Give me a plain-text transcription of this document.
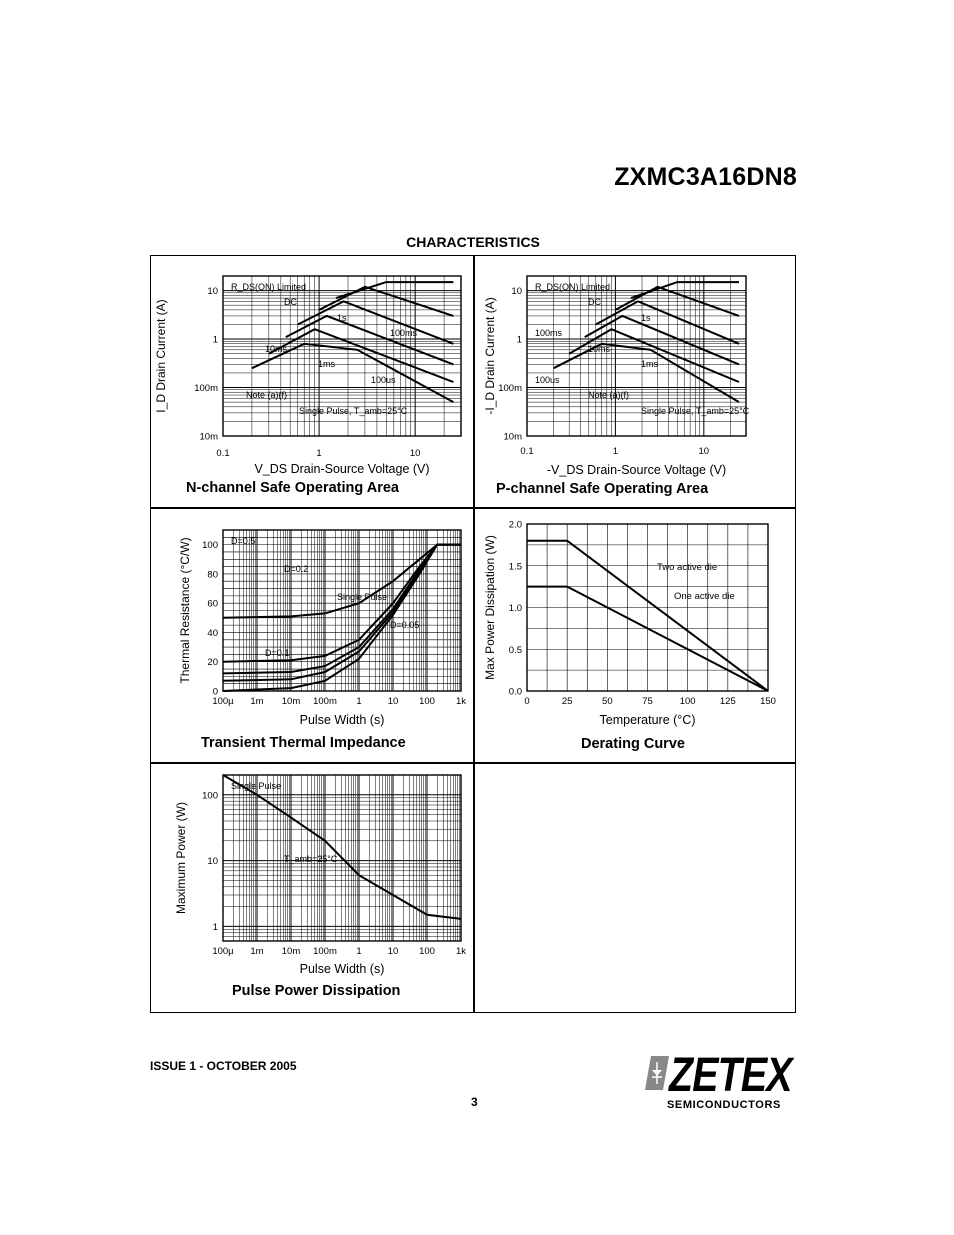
ZXMC3A16DN8
CHARACTERISTICS
0.1	1	10
10
1
100m
10m
V_DS Drain-Source Voltage (V)
I_D Drain Current (A)
R_DS(ON) Limited
DC
1s
100ms
10ms
1ms
100us
Note (a)(f)
Single Pulse, T_amb=25°C
N-channel Safe Operating Area
0.1	1	10
10
1
100m
10m
-V_DS Drain-Source Voltage (V)
-I_D Drain Current (A)
R_DS(ON) Limited
DC
1s
100ms
10ms
1ms
100us
Note (a)(f)
Single Pulse, T_amb=25°C
P-channel Safe Operating Area
100µ 1m 10m 100m 1	10 100 1k
100
80
60
40
20
0
Pulse Width (s)
Thermal Resistance (°C/W)	D=0.5
D=0.2
Single Pulse
D=0.05
D=0.1
Transient Thermal Impedance
0	25	50	75	100	125	150
2.0
1.5
1.0
0.5
0.0
Temperature (°C)
Max Power Dissipation (W)	Two active die
One active die
Derating Curve
100µ 1m 10m 100m 1	10 100 1k
100
10
1
Pulse Width (s)
Maximum Power (W)
Single Pulse
T_amb=25°C
Pulse Power Dissipation
ISSUE 1 - OCTOBER 2005
3	ZETEX
SEMICONDUCTORS
